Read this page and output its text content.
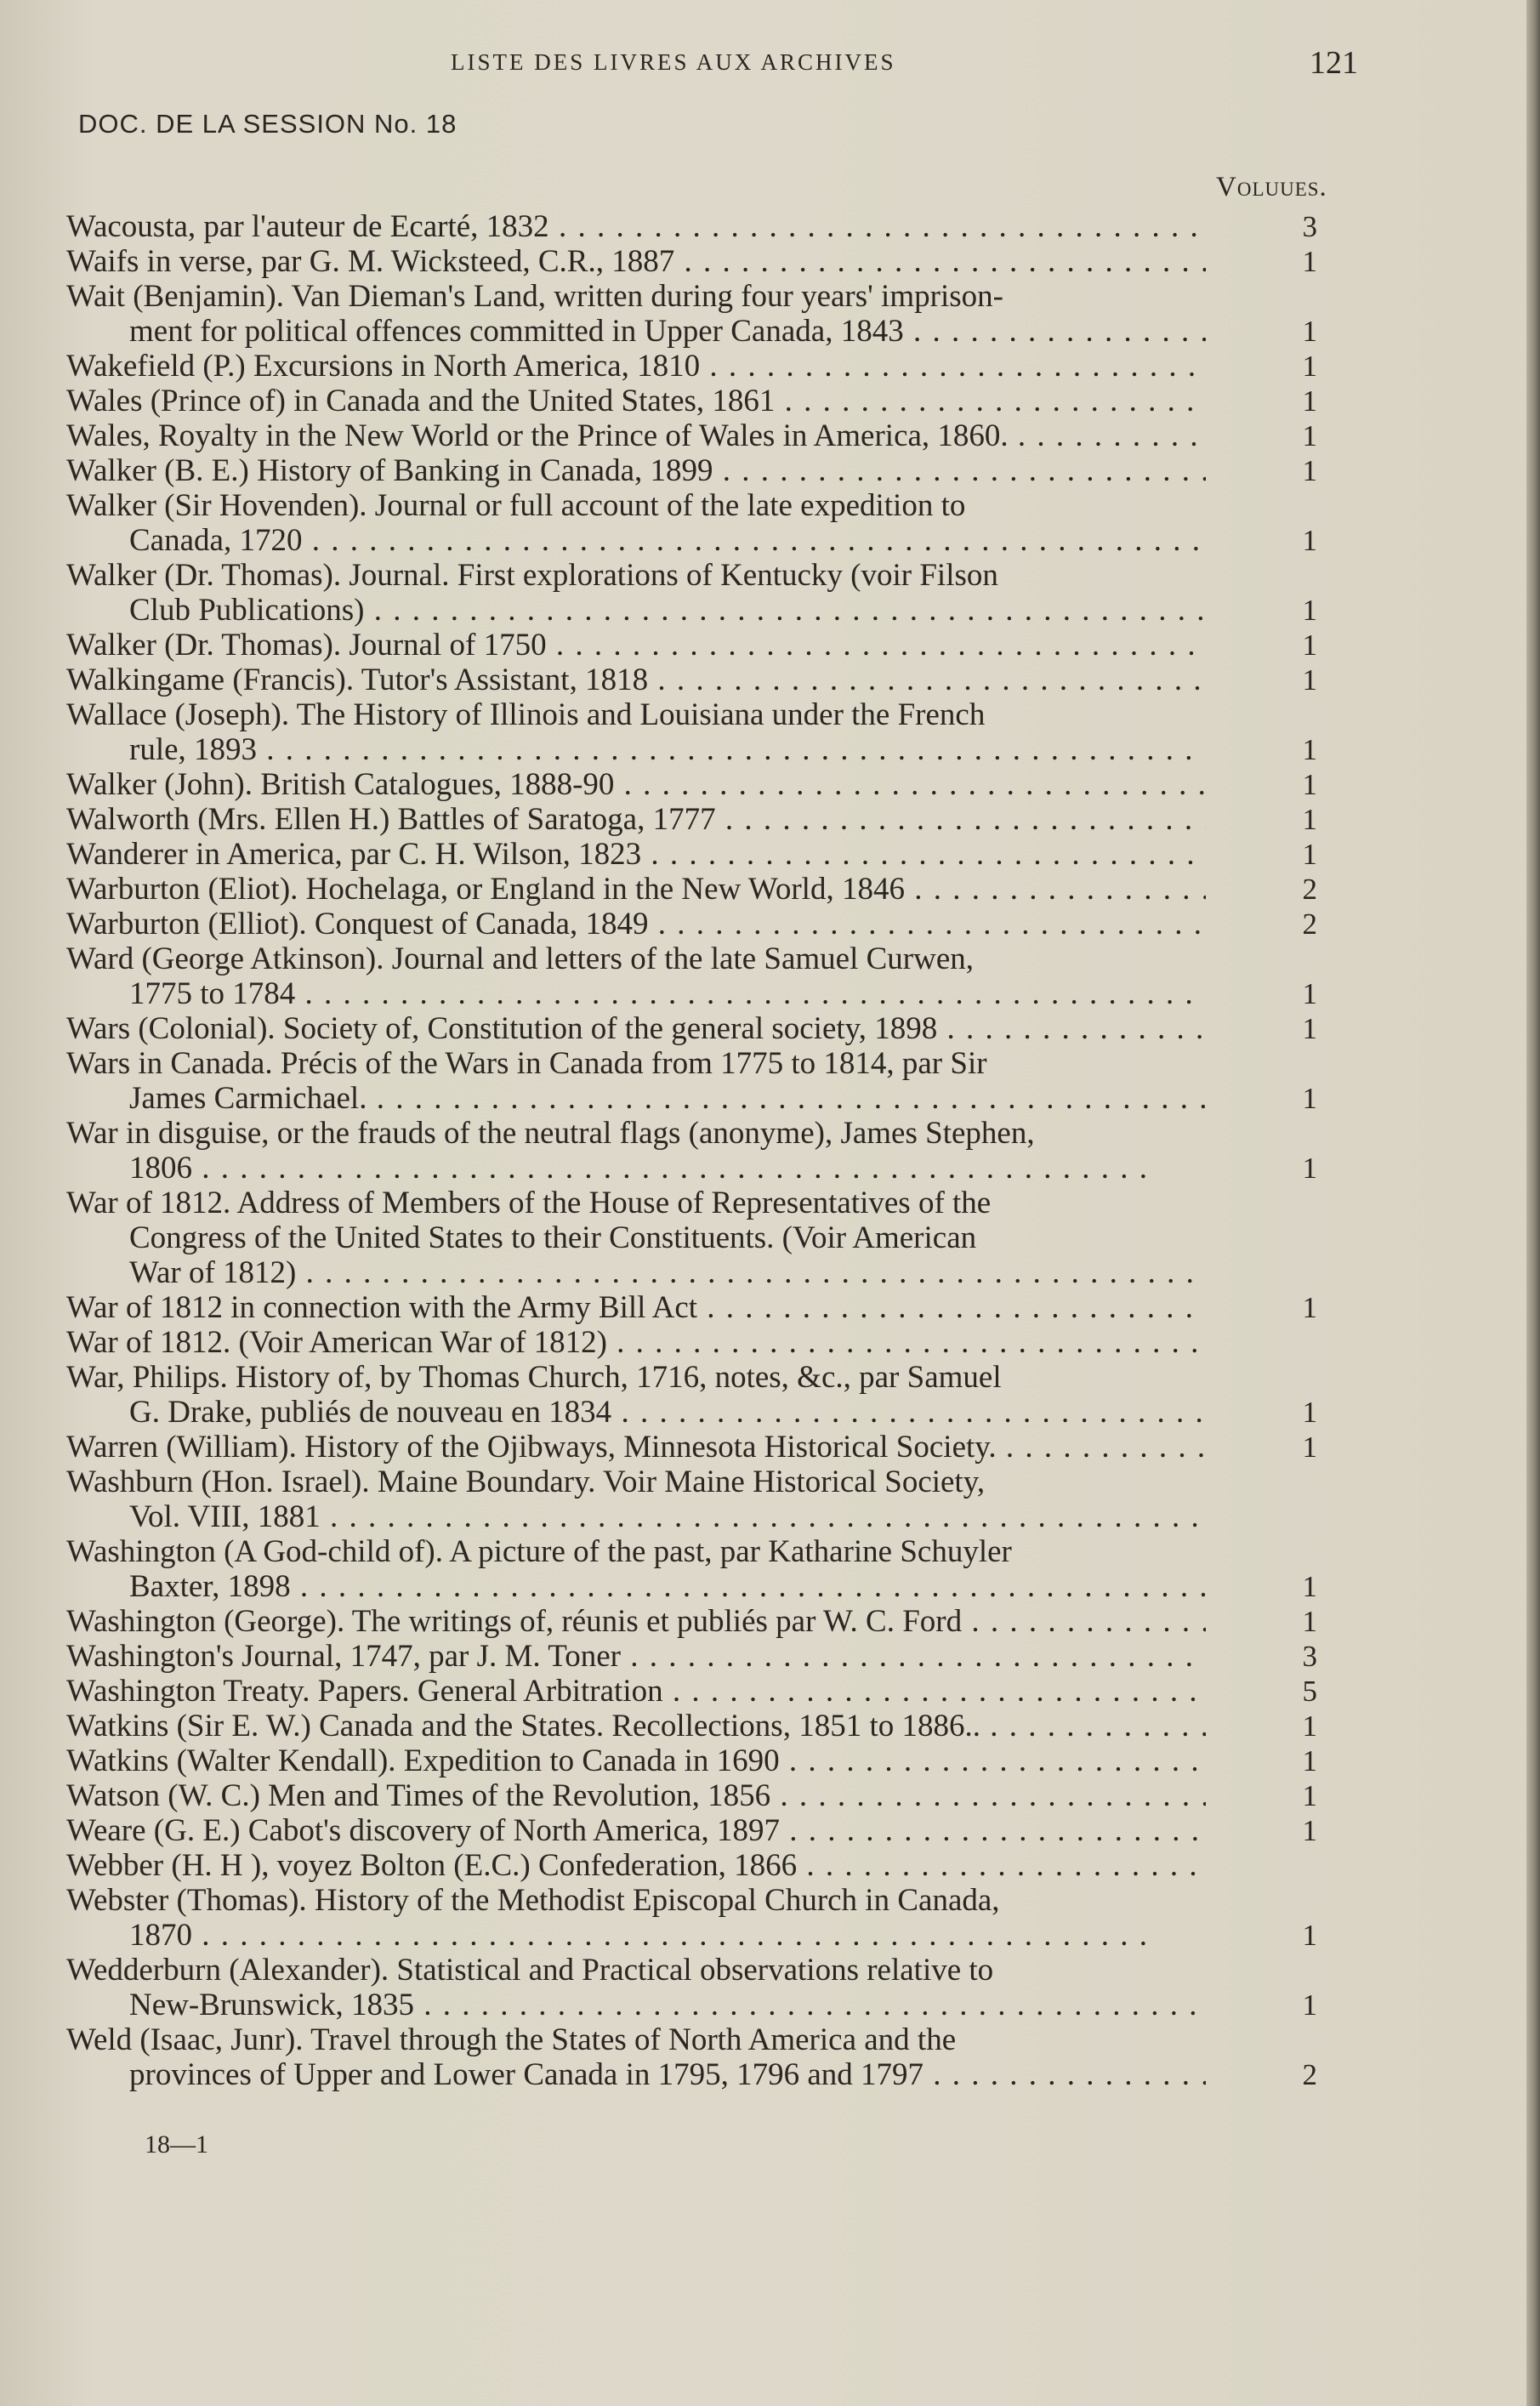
LISTE DES LIVRES AUX ARCHIVES	121
DOC. DE LA SESSION No. 18
Voluues.
Wacousta, par l'auteur de Ecarté, 1832 . . .	3
Waifs in verse, par G. M. Wicksteed, C.R., 1887 . . .	1
Wait (Benjamin). Van Dieman's Land, written during four years' imprison-
ment for political offences committed in Upper Canada, 1843 . . .	1
Wakefield (P.) Excursions in North America, 1810 . . .	1
Wales (Prince of) in Canada and the United States, 1861 . . .	1
Wales, Royalty in the New World or the Prince of Wales in America, 1860. . . .	1
Walker (B. E.) History of Banking in Canada, 1899 . . .	1
Walker (Sir Hovenden). Journal or full account of the late expedition to
Canada, 1720 . . .	1
Walker (Dr. Thomas). Journal. First explorations of Kentucky (voir Filson
Club Publications) . . .	1
Walker (Dr. Thomas). Journal of 1750 . . .	1
Walkingame (Francis). Tutor's Assistant, 1818 . . .	1
Wallace (Joseph). The History of Illinois and Louisiana under the French
rule, 1893 . . .	1
Walker (John). British Catalogues, 1888-90 . . .	1
Walworth (Mrs. Ellen H.) Battles of Saratoga, 1777 . . .	1
Wanderer in America, par C. H. Wilson, 1823 . . .	1
Warburton (Eliot). Hochelaga, or England in the New World, 1846 . . .	2
Warburton (Elliot). Conquest of Canada, 1849 . . .	2
Ward (George Atkinson). Journal and letters of the late Samuel Curwen,
1775 to 1784 . . .	1
Wars (Colonial). Society of, Constitution of the general society, 1898 . . .	1
Wars in Canada. Précis of the Wars in Canada from 1775 to 1814, par Sir
James Carmichael. . . .	1
War in disguise, or the frauds of the neutral flags (anonyme), James Stephen,
1806 . . .	1
War of 1812. Address of Members of the House of Representatives of the
Congress of the United States to their Constituents. (Voir American
War of 1812) . . .
War of 1812 in connection with the Army Bill Act . . .	1
War of 1812. (Voir American War of 1812) . . .
War, Philips. History of, by Thomas Church, 1716, notes, &c., par Samuel
G. Drake, publiés de nouveau en 1834 . . .	1
Warren (William). History of the Ojibways, Minnesota Historical Society. . . .	1
Washburn (Hon. Israel). Maine Boundary. Voir Maine Historical Society,
Vol. VIII, 1881 . . .
Washington (A God-child of). A picture of the past, par Katharine Schuyler
Baxter, 1898 . . .	1
Washington (George). The writings of, réunis et publiés par W. C. Ford . . .	1
Washington's Journal, 1747, par J. M. Toner . . .	3
Washington Treaty. Papers. General Arbitration . . .	5
Watkins (Sir E. W.) Canada and the States. Recollections, 1851 to 1886.. . . .	1
Watkins (Walter Kendall). Expedition to Canada in 1690 . . .	1
Watson (W. C.) Men and Times of the Revolution, 1856 . . .	1
Weare (G. E.) Cabot's discovery of North America, 1897 . . .	1
Webber (H. H ), voyez Bolton (E.C.) Confederation, 1866 . . .
Webster (Thomas). History of the Methodist Episcopal Church in Canada,
1870 . . .	1
Wedderburn (Alexander). Statistical and Practical observations relative to
New-Brunswick, 1835 . . .	1
Weld (Isaac, Junr). Travel through the States of North America and the
provinces of Upper and Lower Canada in 1795, 1796 and 1797 . . .	2
18—1
